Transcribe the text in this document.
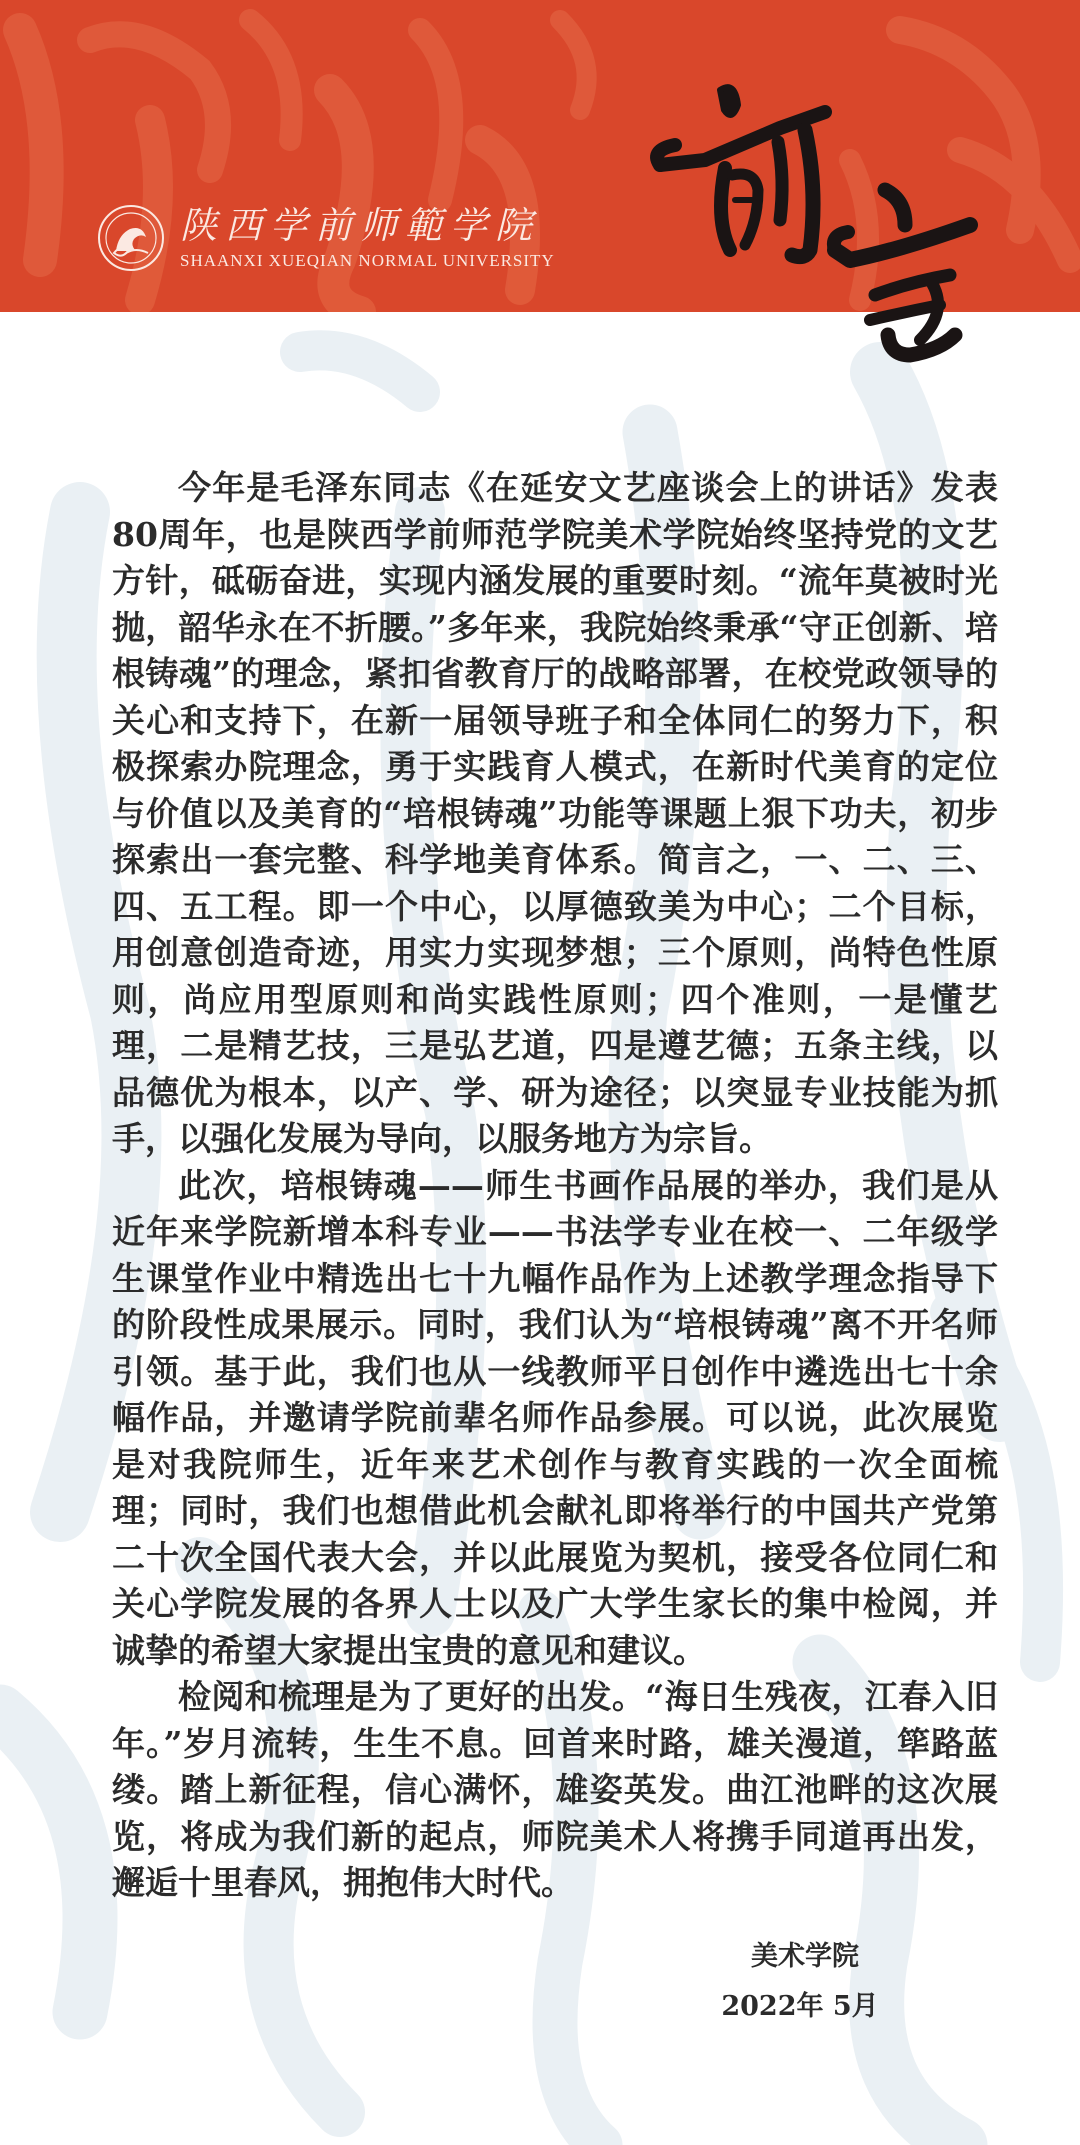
陕西学前师範学院
SHAANXI XUEQIAN NORMAL UNIVERSITY

今年是毛泽东同志《在延安文艺座谈会上的讲话》发表80周年，也是陕西学前师范学院美术学院始终坚持党的文艺方针，砥砺奋进，实现内涵发展的重要时刻。“流年莫被时光抛，韶华永在不折腰。”多年来，我院始终秉承“守正创新、培根铸魂”的理念，紧扣省教育厅的战略部署，在校党政领导的关心和支持下，在新一届领导班子和全体同仁的努力下，积极探索办院理念，勇于实践育人模式，在新时代美育的定位与价值以及美育的“培根铸魂”功能等课题上狠下功夫，初步探索出一套完整、科学地美育体系。简言之，一、二、三、四、五工程。即一个中心，以厚德致美为中心；二个目标，用创意创造奇迹，用实力实现梦想；三个原则，尚特色性原则，尚应用型原则和尚实践性原则；四个准则，一是懂艺理，二是精艺技，三是弘艺道，四是遵艺德；五条主线，以品德优为根本，以产、学、研为途径；以突显专业技能为抓手，以强化发展为导向，以服务地方为宗旨。

此次，培根铸魂——师生书画作品展的举办，我们是从近年来学院新增本科专业——书法学专业在校一、二年级学生课堂作业中精选出七十九幅作品作为上述教学理念指导下的阶段性成果展示。同时，我们认为“培根铸魂”离不开名师引领。基于此，我们也从一线教师平日创作中遴选出七十余幅作品，并邀请学院前辈名师作品参展。可以说，此次展览是对我院师生，近年来艺术创作与教育实践的一次全面梳理；同时，我们也想借此机会献礼即将举行的中国共产党第二十次全国代表大会，并以此展览为契机，接受各位同仁和关心学院发展的各界人士以及广大学生家长的集中检阅，并诚挚的希望大家提出宝贵的意见和建议。

检阅和梳理是为了更好的出发。“海日生残夜，江春入旧年。”岁月流转，生生不息。回首来时路，雄关漫道，筚路蓝缕。踏上新征程，信心满怀，雄姿英发。曲江池畔的这次展览，将成为我们新的起点，师院美术人将携手同道再出发，邂逅十里春风，拥抱伟大时代。

美术学院
2022年 5月
